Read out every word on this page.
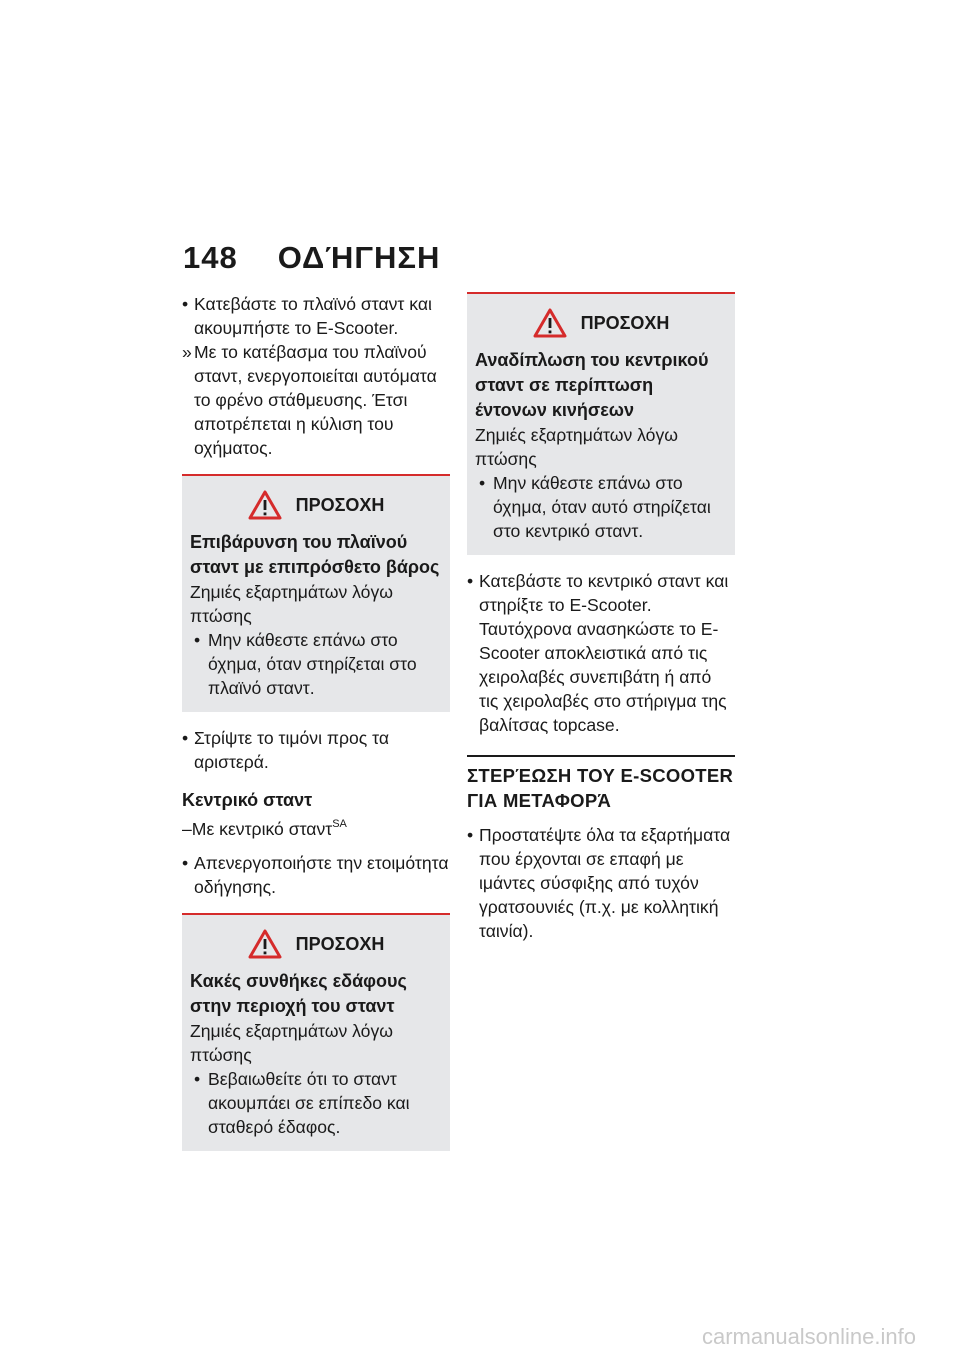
148 ΟΔΉΓΗΣΗ
• Κατεβάστε το πλαϊνό σταντ και ακουμπήστε το E-Scooter.
» Με το κατέβασμα του πλαϊνού σταντ, ενεργοποιείται αυτόματα το φρένο στάθμευσης. Έτσι αποτρέπεται η κύλιση του οχήματος.
ΠΡΟΣΟΧΗ
Επιβάρυνση του πλαϊνού σταντ με επιπρόσθετο βάρος
Ζημιές εξαρτημάτων λόγω πτώσης
• Μην κάθεστε επάνω στο όχημα, όταν στηρίζεται στο πλαϊνό σταντ.
• Στρίψτε το τιμόνι προς τα αριστερά.
Κεντρικό σταντ
–Με κεντρικό σταντ$^{SA}$
• Απενεργοποιήστε την ετοιμότητα οδήγησης.
ΠΡΟΣΟΧΗ
Κακές συνθήκες εδάφους στην περιοχή του σταντ
Ζημιές εξαρτημάτων λόγω πτώσης
• Βεβαιωθείτε ότι το σταντ ακουμπάει σε επίπεδο και σταθερό έδαφος.
ΠΡΟΣΟΧΗ
Αναδίπλωση του κεντρικού σταντ σε περίπτωση έντονων κινήσεων
Ζημιές εξαρτημάτων λόγω πτώσης
• Μην κάθεστε επάνω στο όχημα, όταν αυτό στηρίζεται στο κεντρικό σταντ.
• Κατεβάστε το κεντρικό σταντ και στηρίξτε το E-Scooter. Ταυτόχρονα ανασηκώστε το E-Scooter αποκλειστικά από τις χειρολαβές συνεπιβάτη ή από τις χειρολαβές στο στήριγμα της βαλίτσας topcase.
ΣΤΕΡΈΩΣΗ ΤΟΥ E-SCOOTER ΓΙΑ ΜΕΤΑΦΟΡΆ
• Προστατέψτε όλα τα εξαρτήματα που έρχονται σε επαφή με ιμάντες σύσφιξης από τυχόν γρατσουνιές (π.χ. με κολλητική ταινία).
carmanualsonline.info
